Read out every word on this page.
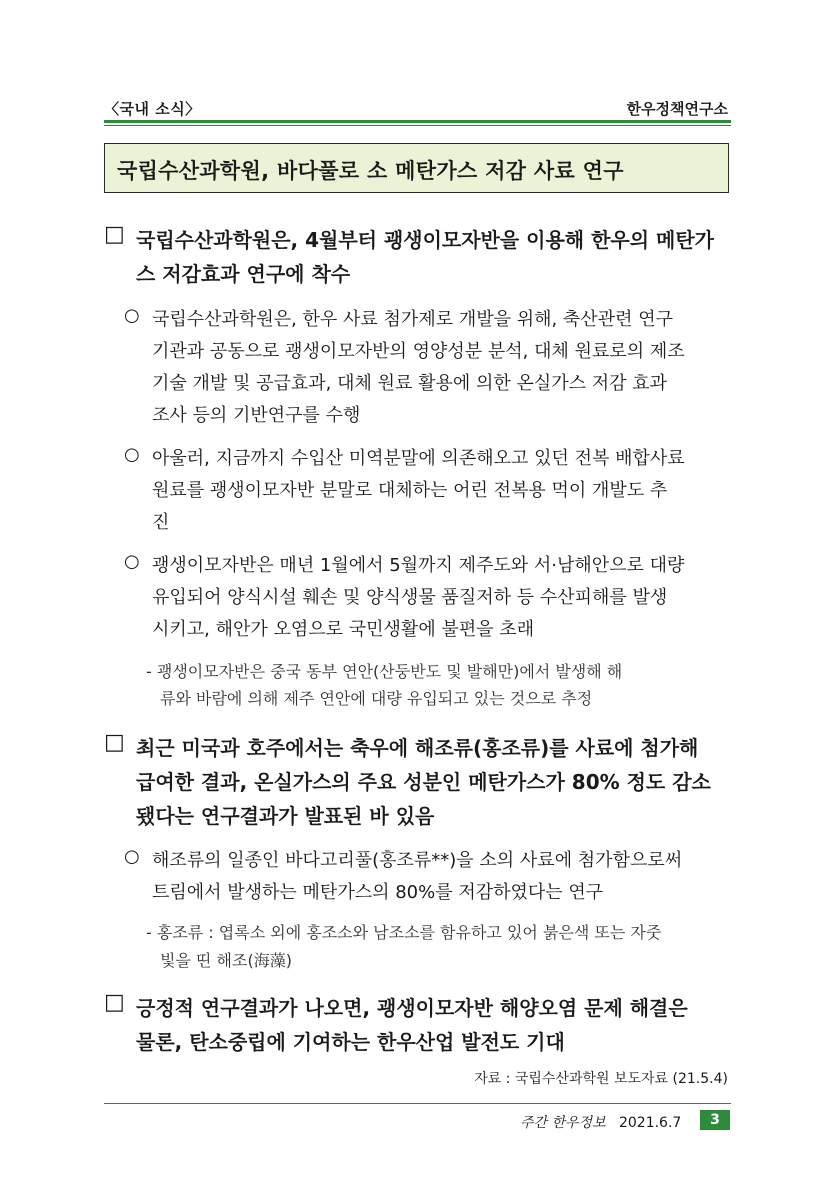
〈국내 소식〉	한우정책연구소
국립수산과학원, 바다풀로 소 메탄가스 저감 사료 연구
□ 국립수산과학원은, 4월부터 괭생이모자반을 이용해 한우의 메탄가
스 저감효과 연구에 착수
○ 국립수산과학원은, 한우 사료 첨가제로 개발을 위해, 축산관련 연구
기관과 공동으로 괭생이모자반의 영양성분 분석, 대체 원료로의 제조
기술 개발 및 공급효과, 대체 원료 활용에 의한 온실가스 저감 효과
조사 등의 기반연구를 수행
○ 아울러, 지금까지 수입산 미역분말에 의존해오고 있던 전복 배합사료
원료를 괭생이모자반 분말로 대체하는 어린 전복용 먹이 개발도 추
진
○ 괭생이모자반은 매년 1월에서 5월까지 제주도와 서·남해안으로 대량
유입되어 양식시설 훼손 및 양식생물 품질저하 등 수산피해를 발생
시키고, 해안가 오염으로 국민생활에 불편을 초래
- 괭생이모자반은 중국 동부 연안(산둥반도 및 발해만)에서 발생해 해
류와 바람에 의해 제주 연안에 대량 유입되고 있는 것으로 추정
□ 최근 미국과 호주에서는 축우에 해조류(홍조류)를 사료에 첨가해
급여한 결과, 온실가스의 주요 성분인 메탄가스가 80% 정도 감소
됐다는 연구결과가 발표된 바 있음
○ 해조류의 일종인 바다고리풀(홍조류**)을 소의 사료에 첨가함으로써
트림에서 발생하는 메탄가스의 80%를 저감하였다는 연구
- 홍조류 : 엽록소 외에 홍조소와 남조소를 함유하고 있어 붉은색 또는 자줏
빛을 띤 해조(海藻)
□ 긍정적 연구결과가 나오면, 괭생이모자반 해양오염 문제 해결은
물론, 탄소중립에 기여하는 한우산업 발전도 기대
자료 : 국립수산과학원 보도자료 (21.5.4)
주간 한우정보 2021.6.7	3
